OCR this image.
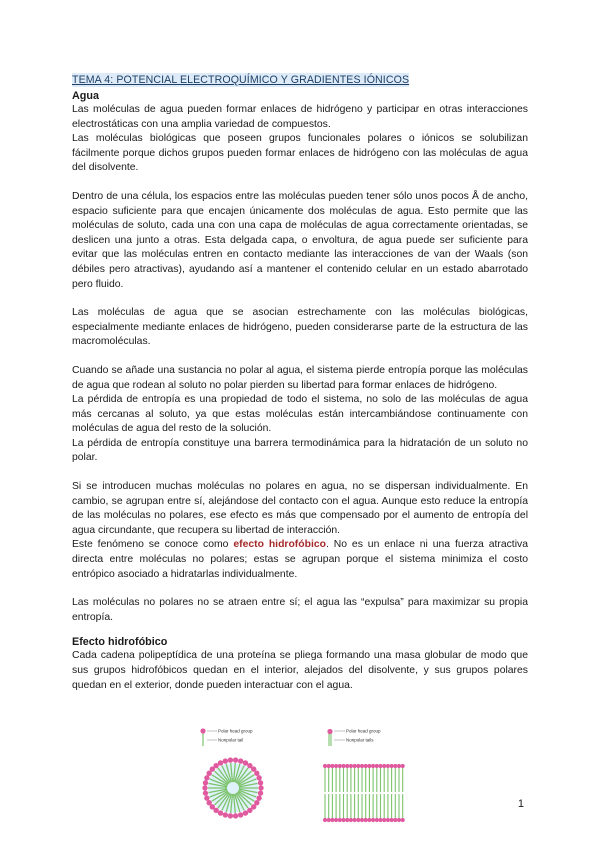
TEMA 4: POTENCIAL ELECTROQUÍMICO Y GRADIENTES IÓNICOS
Agua

Las moléculas de agua pueden formar enlaces de hidrógeno y participar en otras interacciones electrostáticas con una amplia variedad de compuestos.

Las moléculas biológicas que poseen grupos funcionales polares o iónicos se solubilizan fácilmente porque dichos grupos pueden formar enlaces de hidrógeno con las moléculas de agua del disolvente.

Dentro de una célula, los espacios entre las moléculas pueden tener sólo unos pocos Å de ancho, espacio suficiente para que encajen únicamente dos moléculas de agua. Esto permite que las moléculas de soluto, cada una con una capa de moléculas de agua correctamente orientadas, se deslicen una junto a otras. Esta delgada capa, o envoltura, de agua puede ser suficiente para evitar que las moléculas entren en contacto mediante las interacciones de van der Waals (son débiles pero atractivas), ayudando así a mantener el contenido celular en un estado abarrotado pero fluido.

Las moléculas de agua que se asocian estrechamente con las moléculas biológicas, especialmente mediante enlaces de hidrógeno, pueden considerarse parte de la estructura de las macromoléculas.

Cuando se añade una sustancia no polar al agua, el sistema pierde entropía porque las moléculas de agua que rodean al soluto no polar pierden su libertad para formar enlaces de hidrógeno.

La pérdida de entropía es una propiedad de todo el sistema, no solo de las moléculas de agua más cercanas al soluto, ya que estas moléculas están intercambiándose continuamente con moléculas de agua del resto de la solución.

La pérdida de entropía constituye una barrera termodinámica para la hidratación de un soluto no polar.

Si se introducen muchas moléculas no polares en agua, no se dispersan individualmente. En cambio, se agrupan entre sí, alejándose del contacto con el agua. Aunque esto reduce la entropía de las moléculas no polares, ese efecto es más que compensado por el aumento de entropía del agua circundante, que recupera su libertad de interacción.

Este fenómeno se conoce como efecto hidrofóbico. No es un enlace ni una fuerza atractiva directa entre moléculas no polares; estas se agrupan porque el sistema minimiza el costo entrópico asociado a hidratarlas individualmente.

Las moléculas no polares no se atraen entre sí; el agua las “expulsa” para maximizar su propia entropía.

Efecto hidrofóbico

Cada cadena polipeptídica de una proteína se pliega formando una masa globular de modo que sus grupos hidrofóbicos quedan en el interior, alejados del disolvente, y sus grupos polares quedan en el exterior, donde pueden interactuar con el agua.

Polar head group
Nonpolar tail
Polar head group
Nonpolar tails
1
